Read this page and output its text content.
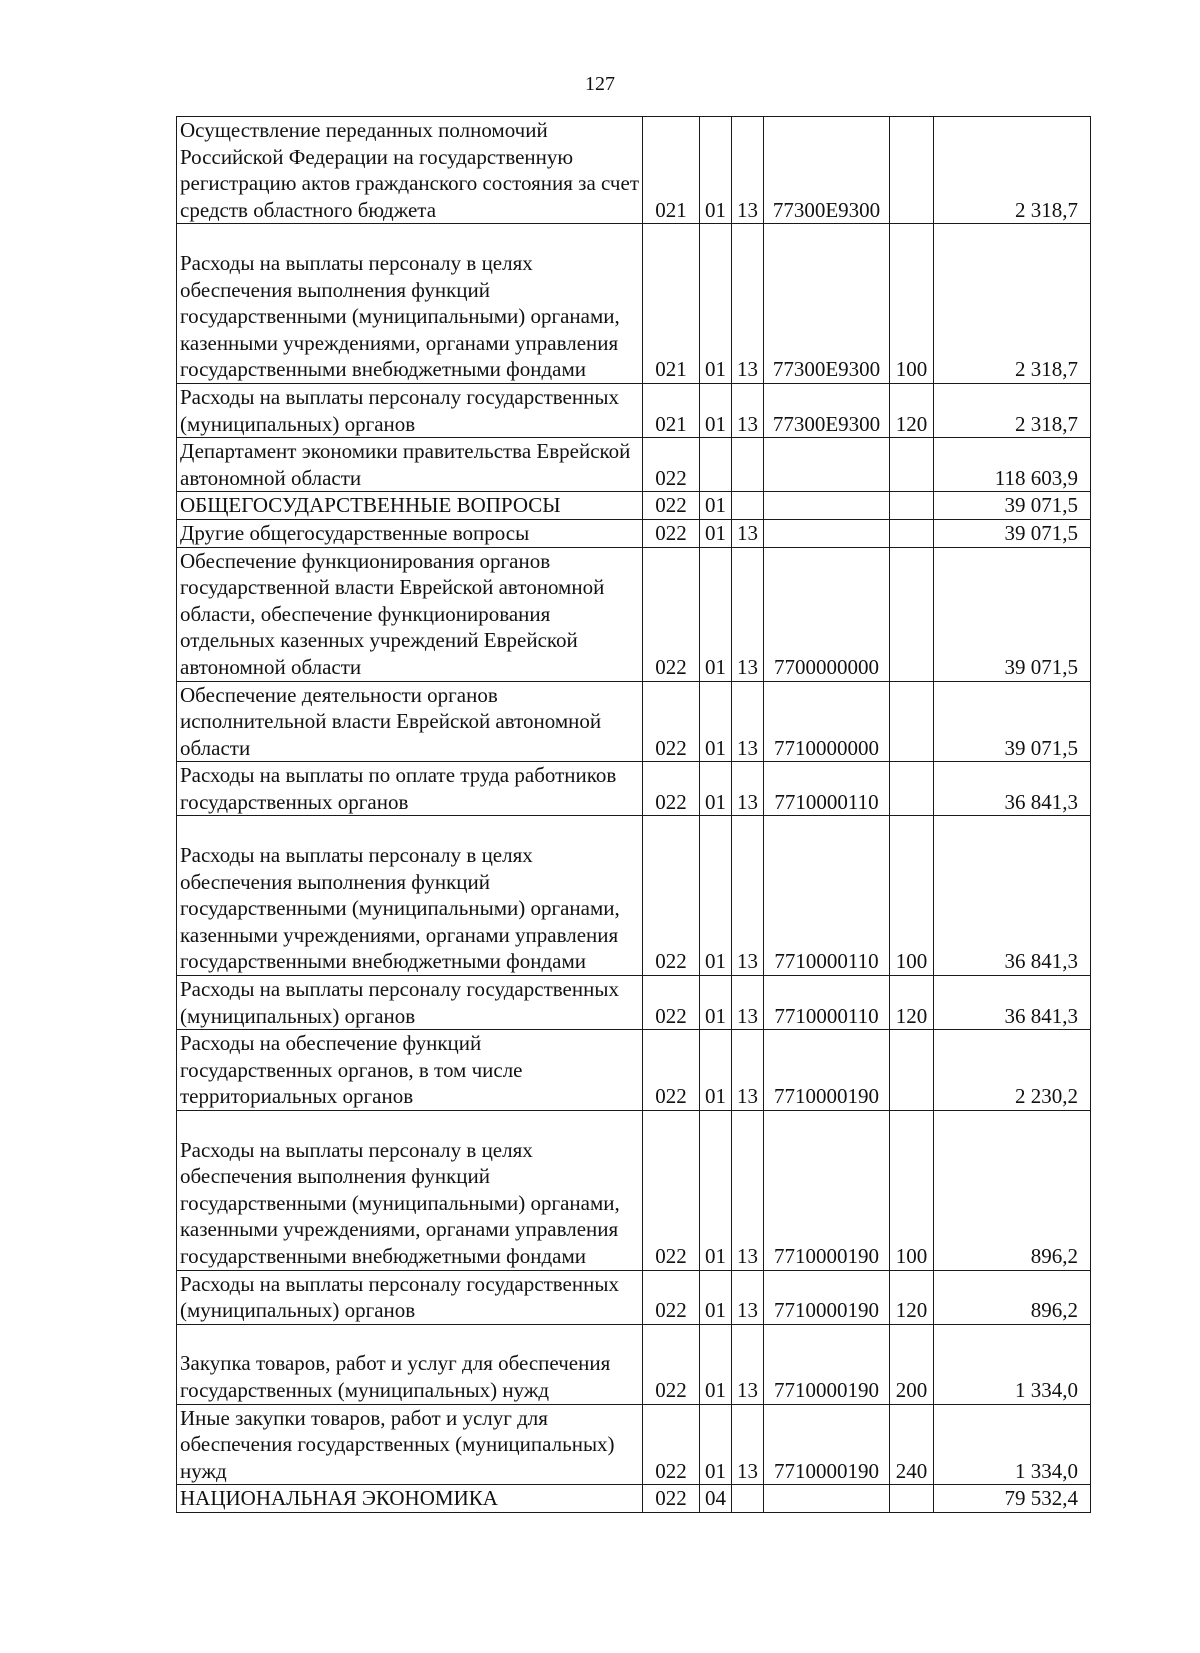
127
Осуществление переданных полномочий Российской Федерации на государственную регистрацию актов гражданского состояния за счет средств областного бюджета	021	01	13	77300Е9300		2 318,7
Расходы на выплаты персоналу в целях обеспечения выполнения функций государственными (муниципальными) органами, казенными учреждениями, органами управления государственными внебюджетными фондами	021	01	13	77300Е9300	100	2 318,7
Расходы на выплаты персоналу государственных (муниципальных) органов	021	01	13	77300Е9300	120	2 318,7
Департамент экономики правительства Еврейской автономной области	022					118 603,9
ОБЩЕГОСУДАРСТВЕННЫЕ ВОПРОСЫ	022	01				39 071,5
Другие общегосударственные вопросы	022	01	13			39 071,5
Обеспечение функционирования органов государственной власти Еврейской автономной области, обеспечение функционирования отдельных казенных учреждений Еврейской автономной области	022	01	13	7700000000		39 071,5
Обеспечение деятельности органов исполнительной власти Еврейской автономной области	022	01	13	7710000000		39 071,5
Расходы на выплаты по оплате труда работников государственных органов	022	01	13	7710000110		36 841,3
Расходы на выплаты персоналу в целях обеспечения выполнения функций государственными (муниципальными) органами, казенными учреждениями, органами управления государственными внебюджетными фондами	022	01	13	7710000110	100	36 841,3
Расходы на выплаты персоналу государственных (муниципальных) органов	022	01	13	7710000110	120	36 841,3
Расходы на обеспечение функций государственных органов, в том числе территориальных органов	022	01	13	7710000190		2 230,2
Расходы на выплаты персоналу в целях обеспечения выполнения функций государственными (муниципальными) органами, казенными учреждениями, органами управления государственными внебюджетными фондами	022	01	13	7710000190	100	896,2
Расходы на выплаты персоналу государственных (муниципальных) органов	022	01	13	7710000190	120	896,2
Закупка товаров, работ и услуг для обеспечения государственных (муниципальных) нужд	022	01	13	7710000190	200	1 334,0
Иные закупки товаров, работ и услуг для обеспечения государственных (муниципальных) нужд	022	01	13	7710000190	240	1 334,0
НАЦИОНАЛЬНАЯ ЭКОНОМИКА	022	04				79 532,4
